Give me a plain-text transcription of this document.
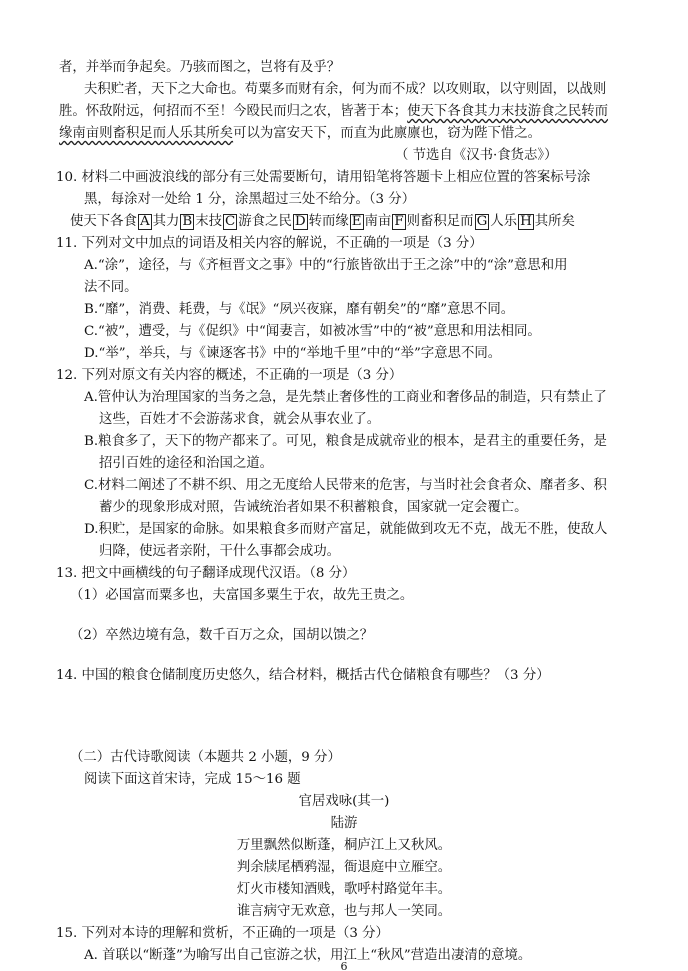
者，并举而争起矣。乃骇而图之，岂将有及乎？
夫积贮者，天下之大命也。苟粟多而财有余，何为而不成？以攻则取，以守则固，以战则
胜。怀敌附远，何招而不至！今殴民而归之农，皆著于本；使天下各食其力末技游食之民转而
缘南亩则畜积足而人乐其所矣可以为富安天下，而直为此廪廪也，窃为陛下惜之。
（ 节选自《汉书·食货志》）
10. 材料二中画波浪线的部分有三处需要断句，请用铅笔将答题卡上相应位置的答案标号涂
黑，每涂对一处给 1 分，涂黑超过三处不给分。（3 分）
使天下各食 A 其力 B 末技 C 游食之民 D 转而缘 E 南亩 F 则畜积足而 G 人乐 H 其所矣
11. 下列对文中加点的词语及相关内容的解说，不正确的一项是（3 分）
A.“涂”，途径，与《齐桓晋文之事》中的“行旅皆欲出于王之涂”中的“涂”意思和用
法不同。
B.“靡”，消费、耗费，与《氓》“夙兴夜寐，靡有朝矣”的“靡”意思不同。
C.“被”，遭受，与《促织》中“闻妻言，如被冰雪”中的“被”意思和用法相同。
D.“举”，举兵，与《谏逐客书》中的“举地千里”中的“举”字意思不同。
12. 下列对原文有关内容的概述，不正确的一项是（3 分）
A.管仲认为治理国家的当务之急，是先禁止奢侈性的工商业和奢侈品的制造，只有禁止了
这些，百姓才不会游荡求食，就会从事农业了。
B.粮食多了，天下的物产都来了。可见，粮食是成就帝业的根本，是君主的重要任务，是
招引百姓的途径和治国之道。
C.材料二阐述了不耕不织、用之无度给人民带来的危害，与当时社会食者众、靡者多、积
蓄少的现象形成对照，告诫统治者如果不积蓄粮食，国家就一定会覆亡。
D.积贮，是国家的命脉。如果粮食多而财产富足，就能做到攻无不克，战无不胜，使敌人
归降，使远者亲附，干什么事都会成功。
13. 把文中画横线的句子翻译成现代汉语。（8 分）
（1）必国富而粟多也，夫富国多粟生于农，故先王贵之。
（2）卒然边境有急，数千百万之众，国胡以馈之？
14. 中国的粮食仓储制度历史悠久，结合材料，概括古代仓储粮食有哪些？（3 分）
（二）古代诗歌阅读（本题共 2 小题，9 分）
阅读下面这首宋诗，完成 15～16 题
官居戏咏(其一)
陆游
万里飘然似断蓬，桐庐江上又秋风。
判余牍尾栖鸦湿，衙退庭中立雁空。
灯火市楼知酒贱，歌呼村路觉年丰。
谁言病守无欢意，也与邦人一笑同。
15. 下列对本诗的理解和赏析，不正确的一项是（3 分）
A. 首联以“断蓬”为喻写出自己宦游之状，用江上“秋风”营造出凄清的意境。
6
